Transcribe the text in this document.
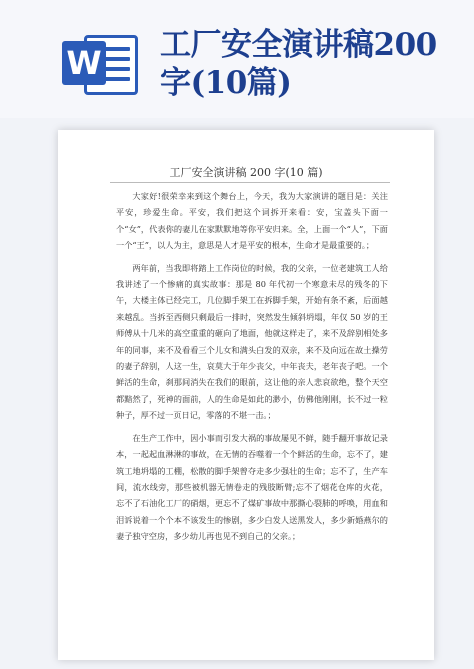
W 工厂安全演讲稿200字(10篇)
工厂安全演讲稿 200 字(10 篇)

大家好!很荣幸来到这个舞台上，今天，我为大家演讲的题目是：关注平安，珍爱生命。平安，我们把这个词拆开来看：安，宝盖头下面一个“女”，代表你的妻儿在家默默地等你平安归来。全，上面一个“人”，下面一个“王”，以人为主，意思是人才是平安的根本，生命才是最重要的。；

两年前，当我即将踏上工作岗位的时候，我的父亲，一位老建筑工人给我讲述了一个惨痛的真实故事：那是 80 年代初一个寒意未尽的残冬的下午，大楼主体已经完工，几位脚手架工在拆脚手架，开始有条不紊，后面越来越乱。当拆至西侧只剩最后一排时，突然发生倾斜坍塌，年仅 50 岁的王师傅从十几米的高空重重的砸向了地面，他就这样走了，来不及辞别相处多年的同事，来不及看看三个儿女和满头白发的双亲，来不及向远在故土操劳的妻子辞别，人这一生，哀莫大于年少丧父，中年丧夫，老年丧子吧。一个鲜活的生命，刹那间消失在我们的眼前，这让他的亲人悲哀欲绝，整个天空都黯然了，死神的面前，人的生命是如此的渺小，仿佛他刚刚，长不过一粒种子，厚不过一页日记，零落的不堪一击。；

在生产工作中，因小事而引发大祸的事故屡见不鲜，随手翻开事故记录本，一起起血淋淋的事故，在无情的吞噬着一个个鲜活的生命，忘不了，建筑工地坍塌的工棚，松散的脚手架曾夺走多少强壮的生命；忘不了，生产车间，流水线旁，那些被机器无情卷走的残肢断臂;忘不了烟花仓库的火花，忘不了石油化工厂的硝烟，更忘不了煤矿事故中那撕心裂肺的呼唤，用血和泪诉说着一个个本不该发生的惨剧，多少白发人送黑发人，多少新婚燕尔的妻子独守空房，多少幼儿再也见不到自己的父亲。；
